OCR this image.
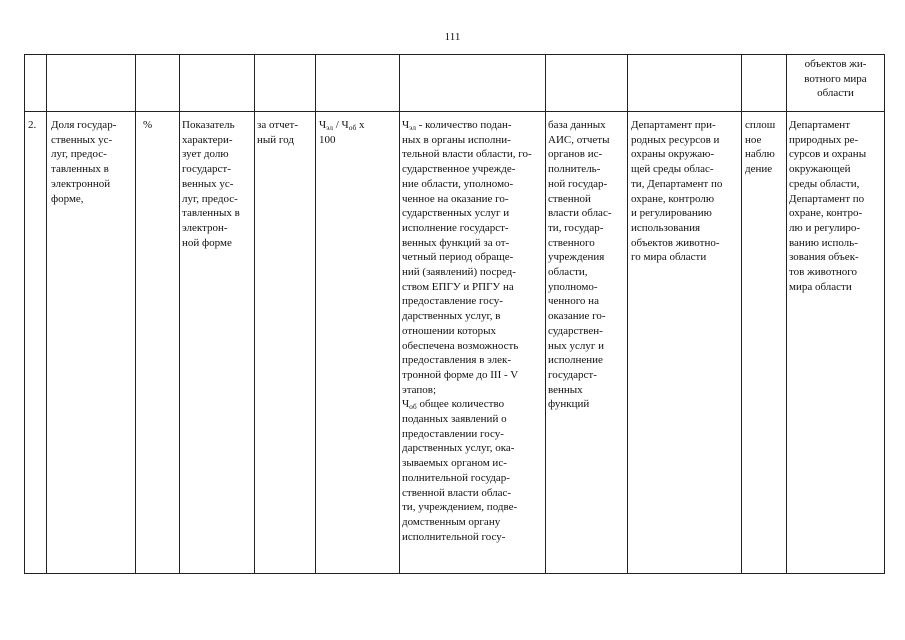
111
объектов жи-
вотного мира
области
2.	Доля государ-
ственных ус-
луг, предос-
тавленных в
электронной
форме,
%	Показатель
характери-
зует долю
государст-
венных ус-
луг, предос-
тавленных в
электрон-
ной форме
за отчет-
ный год
$Ч_{эл} / Ч_{об}$ х
100
$Ч_{эл}$ - количество подан-
ных в органы исполни-
тельной власти области, го-
сударственное учрежде-
ние области, уполномо-
ченное на оказание го-
сударственных услуг и
исполнение государст-
венных функций за от-
четный период обраще-
ний (заявлений) посред-
ством ЕПГУ и РПГУ на
предоставление госу-
дарственных услуг, в
отношении которых
обеспечена возможность
предоставления в элек-
тронной форме до III - V
этапов;
$Ч_{об}$ общее количество
поданных заявлений о
предоставлении госу-
дарственных услуг, ока-
зываемых органом ис-
полнительной государ-
ственной власти облас-
ти, учреждением, подве-
домственным органу
исполнительной госу-
база данных
АИС, отчеты
органов ис-
полнитель-
ной государ-
ственной
власти облас-
ти, государ-
ственного
учреждения
области,
уполномо-
ченного на
оказание го-
сударствен-
ных услуг и
исполнение
государст-
венных
функций
Департамент при-
родных ресурсов и
охраны окружаю-
щей среды облас-
ти, Департамент по
охране, контролю
и регулированию
использования
объектов животно-
го мира области
сплош
ное
наблю
дение
Департамент
природных ре-
сурсов и охраны
окружающей
среды области,
Департамент по
охране, контро-
лю и регулиро-
ванию исполь-
зования объек-
тов животного
мира области
